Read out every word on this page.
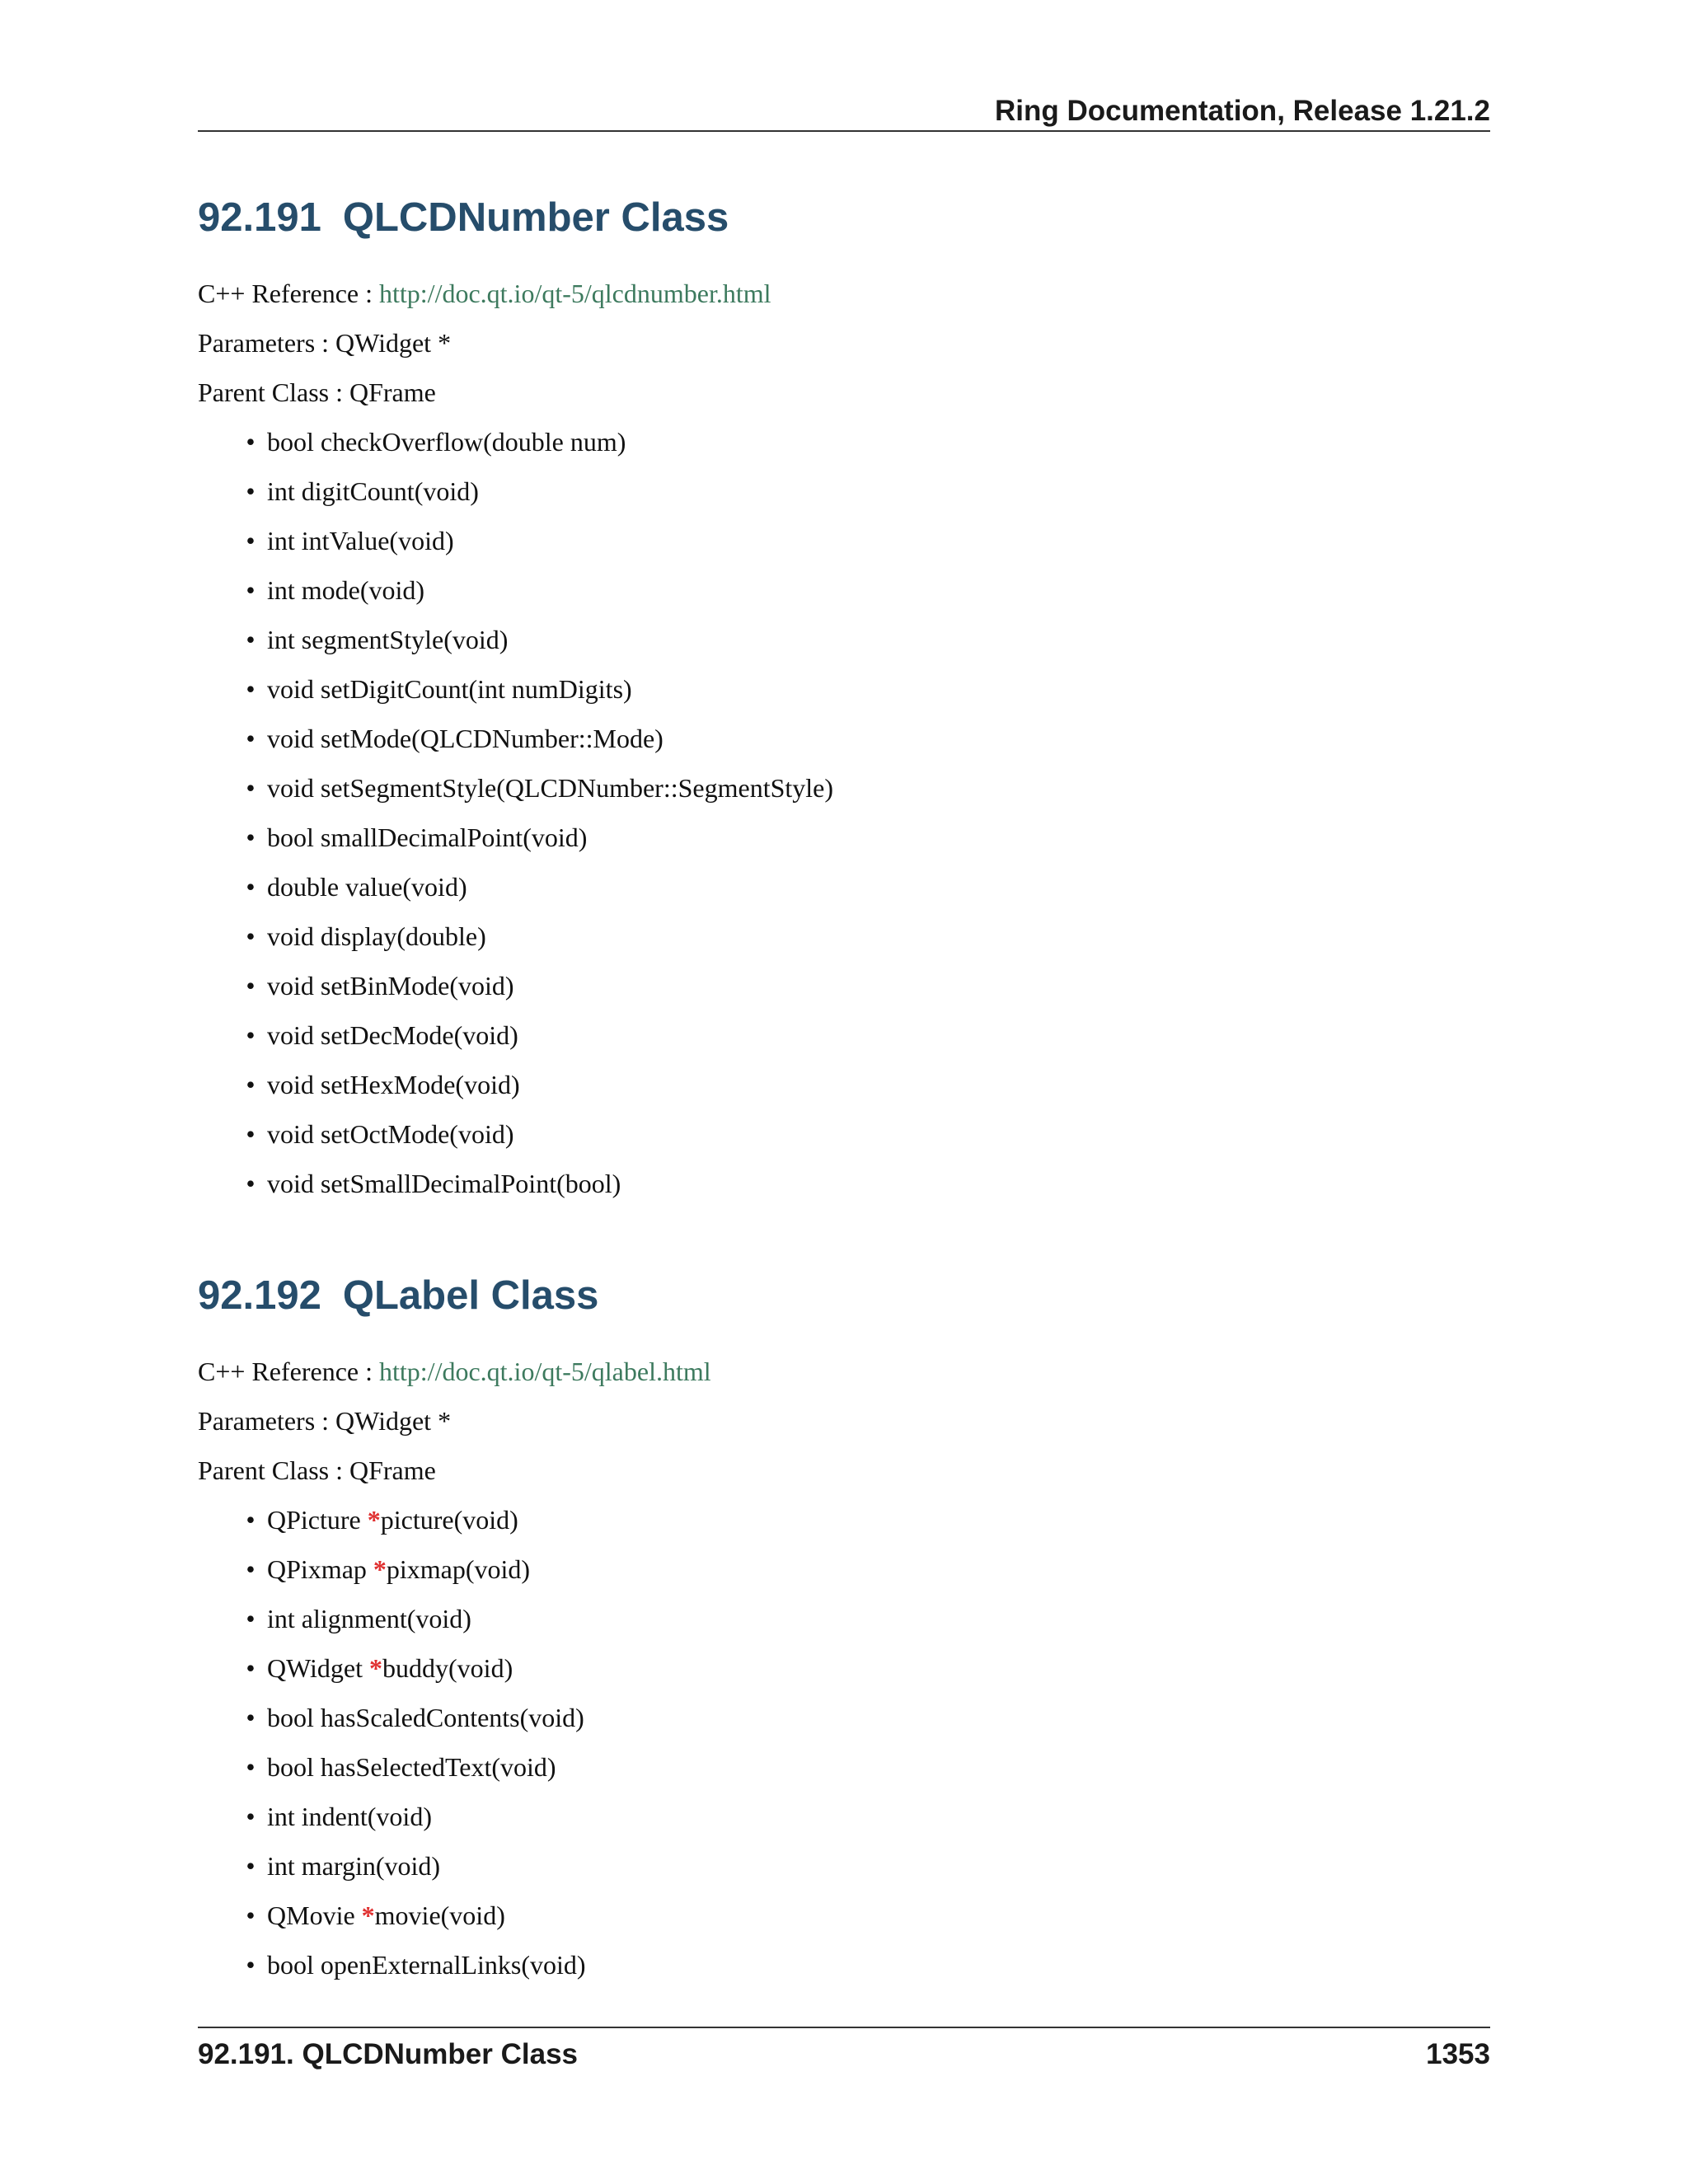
Ring Documentation, Release 1.21.2
92.191 QLCDNumber Class
C++ Reference : http://doc.qt.io/qt-5/qlcdnumber.html
Parameters : QWidget *
Parent Class : QFrame
• bool checkOverflow(double num)
• int digitCount(void)
• int intValue(void)
• int mode(void)
• int segmentStyle(void)
• void setDigitCount(int numDigits)
• void setMode(QLCDNumber::Mode)
• void setSegmentStyle(QLCDNumber::SegmentStyle)
• bool smallDecimalPoint(void)
• double value(void)
• void display(double)
• void setBinMode(void)
• void setDecMode(void)
• void setHexMode(void)
• void setOctMode(void)
• void setSmallDecimalPoint(bool)
92.192 QLabel Class
C++ Reference : http://doc.qt.io/qt-5/qlabel.html
Parameters : QWidget *
Parent Class : QFrame
• QPicture *picture(void)
• QPixmap *pixmap(void)
• int alignment(void)
• QWidget *buddy(void)
• bool hasScaledContents(void)
• bool hasSelectedText(void)
• int indent(void)
• int margin(void)
• QMovie *movie(void)
• bool openExternalLinks(void)
92.191. QLCDNumber Class	1353
